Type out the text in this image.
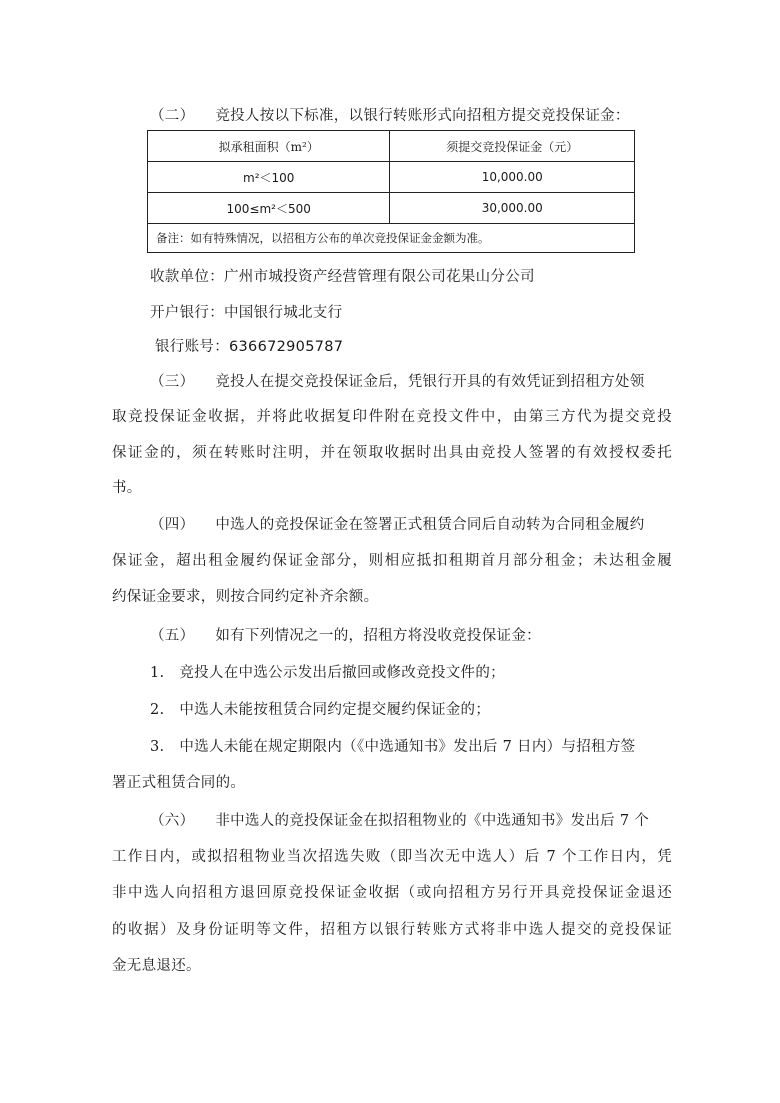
（二） 竞投人按以下标准，以银行转账形式向招租方提交竞投保证金：
拟承租面积（m²）	须提交竞投保证金（元）
m²＜100	10,000.00
100≤m²＜500	30,000.00
备注：如有特殊情况，以招租方公布的单次竞投保证金金额为准。	
收款单位：广州市城投资产经营管理有限公司花果山分公司
开户银行：中国银行城北支行
银行账号：636672905787
（三） 竞投人在提交竞投保证金后，凭银行开具的有效凭证到招租方处领
取竞投保证金收据，并将此收据复印件附在竞投文件中，由第三方代为提交竞投
保证金的，须在转账时注明，并在领取收据时出具由竞投人签署的有效授权委托
书。
（四） 中选人的竞投保证金在签署正式租赁合同后自动转为合同租金履约
保证金，超出租金履约保证金部分，则相应抵扣租期首月部分租金；未达租金履
约保证金要求，则按合同约定补齐余额。
（五） 如有下列情况之一的，招租方将没收竞投保证金：
1. 竞投人在中选公示发出后撤回或修改竞投文件的；
2. 中选人未能按租赁合同约定提交履约保证金的；
3. 中选人未能在规定期限内（《中选通知书》发出后 7 日内）与招租方签
署正式租赁合同的。
（六） 非中选人的竞投保证金在拟招租物业的《中选通知书》发出后 7 个
工作日内，或拟招租物业当次招选失败（即当次无中选人）后 7 个工作日内，凭
非中选人向招租方退回原竞投保证金收据（或向招租方另行开具竞投保证金退还
的收据）及身份证明等文件，招租方以银行转账方式将非中选人提交的竞投保证
金无息退还。
